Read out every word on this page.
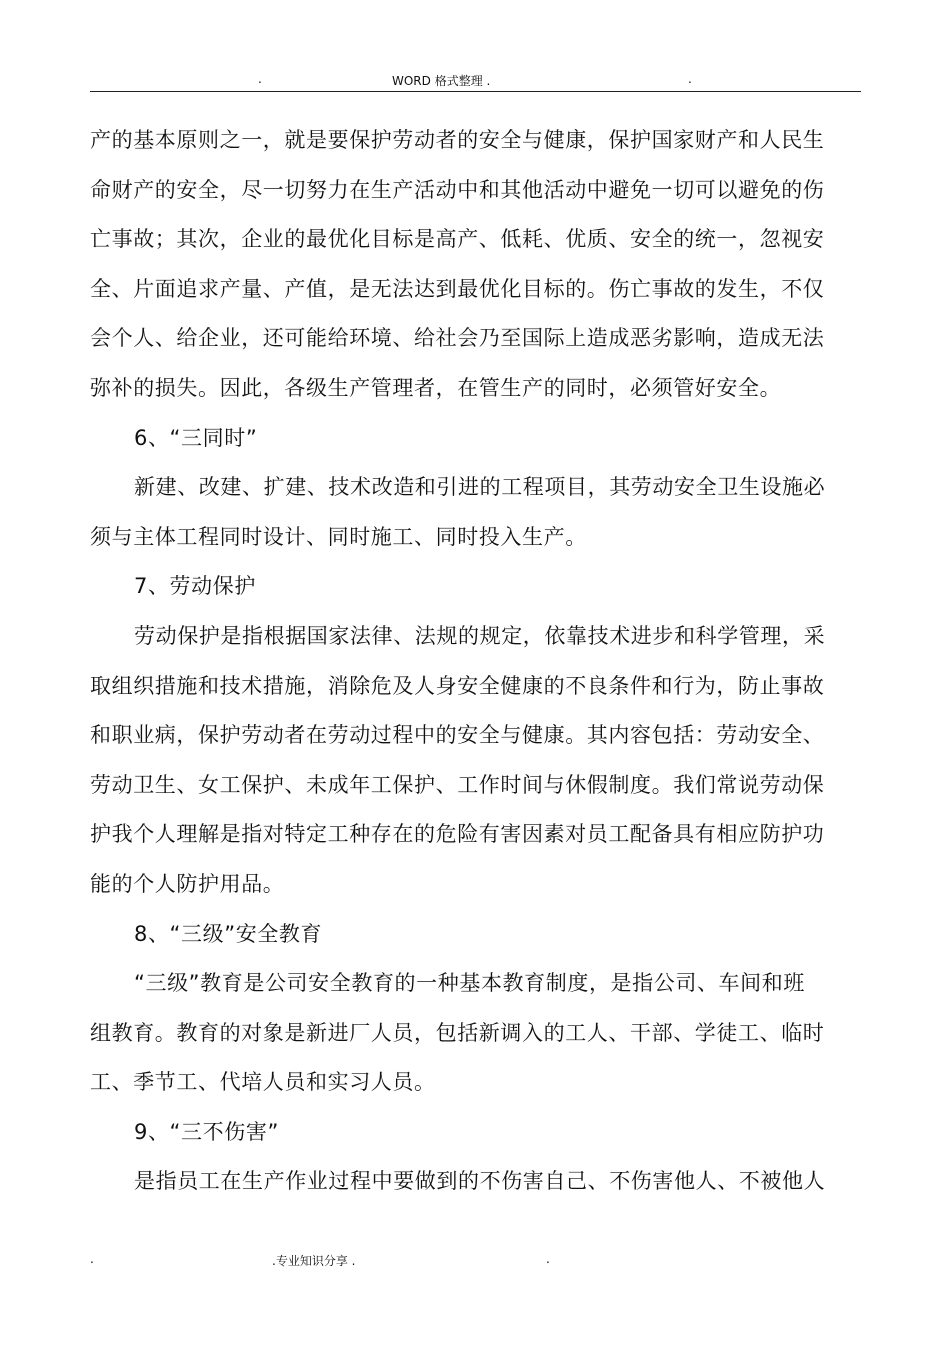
.	WORD 格式整理 .	.
产的基本原则之一，就是要保护劳动者的安全与健康，保护国家财产和人民生
命财产的安全，尽一切努力在生产活动中和其他活动中避免一切可以避免的伤
亡事故；其次，企业的最优化目标是高产、低耗、优质、安全的统一，忽视安
全、片面追求产量、产值，是无法达到最优化目标的。伤亡事故的发生，不仅
会个人、给企业，还可能给环境、给社会乃至国际上造成恶劣影响，造成无法
弥补的损失。因此，各级生产管理者，在管生产的同时，必须管好安全。
6、“三同时”
新建、改建、扩建、技术改造和引进的工程项目，其劳动安全卫生设施必
须与主体工程同时设计、同时施工、同时投入生产。
7、劳动保护
劳动保护是指根据国家法律、法规的规定，依靠技术进步和科学管理，采
取组织措施和技术措施，消除危及人身安全健康的不良条件和行为，防止事故
和职业病，保护劳动者在劳动过程中的安全与健康。其内容包括：劳动安全、
劳动卫生、女工保护、未成年工保护、工作时间与休假制度。我们常说劳动保
护我个人理解是指对特定工种存在的危险有害因素对员工配备具有相应防护功
能的个人防护用品。
8、“三级”安全教育
“三级”教育是公司安全教育的一种基本教育制度，是指公司、车间和班
组教育。教育的对象是新进厂人员，包括新调入的工人、干部、学徒工、临时
工、季节工、代培人员和实习人员。
9、“三不伤害”
是指员工在生产作业过程中要做到的不伤害自己、不伤害他人、不被他人
.	.专业知识分享 .	.
